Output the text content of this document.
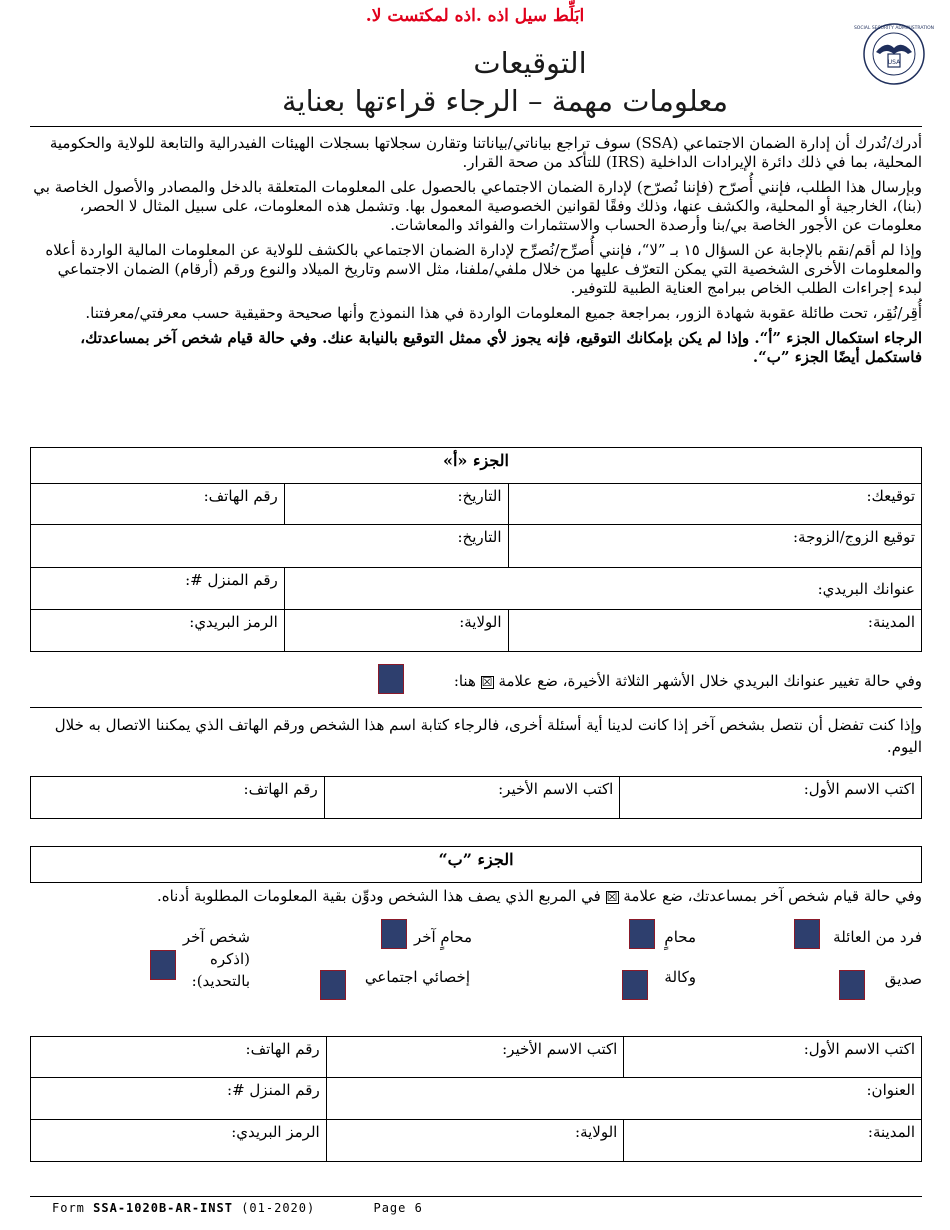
ابَلِّط سيل اذه .اذه لمكتست لا.
USA
SOCIAL SECURITY ADMINISTRATION
التوقيعات
معلومات مهمة – الرجاء قراءتها بعناية

أدرك/نُدرك أن إدارة الضمان الاجتماعي (SSA) سوف تراجع بياناتي/بياناتنا وتقارن سجلاتها بسجلات الهيئات الفيدرالية والتابعة للولاية والحكومية المحلية، بما في ذلك دائرة الإيرادات الداخلية (IRS) للتأكد من صحة القرار.

وبإرسال هذا الطلب، فإنني أُصرّح (فإننا نُصرّح) لإدارة الضمان الاجتماعي بالحصول على المعلومات المتعلقة بالدخل والمصادر والأصول الخاصة بي (بنا)، الخارجية أو المحلية، والكشف عنها، وذلك وفقًا لقوانين الخصوصية المعمول بها. وتشمل هذه المعلومات، على سبيل المثال لا الحصر، معلومات عن الأجور الخاصة بي/بنا وأرصدة الحساب والاستثمارات والفوائد والمعاشات.

وإذا لم أقم/نقم بالإجابة عن السؤال ١٥ بـ ”لا“، فإنني أُصرِّح/نُصرِّح لإدارة الضمان الاجتماعي بالكشف للولاية عن المعلومات المالية الواردة أعلاه والمعلومات الأخرى الشخصية التي يمكن التعرّف عليها من خلال ملفي/ملفنا، مثل الاسم وتاريخ الميلاد والنوع ورقم (أرقام) الضمان الاجتماعي لبدء إجراءات الطلب الخاص ببرامج العناية الطبية للتوفير.

أُقِر/نُقِر، تحت طائلة عقوبة شهادة الزور، بمراجعة جميع المعلومات الواردة في هذا النموذج وأنها صحيحة وحقيقية حسب معرفتي/معرفتنا.

الرجاء استكمال الجزء ”أ“. وإذا لم يكن بإمكانك التوقيع، فإنه يجوز لأي ممثل التوقيع بالنيابة عنك. وفي حالة قيام شخص آخر بمساعدتك، فاستكمل أيضًا الجزء ”ب“.

الجزء «أ»		
توقيعك:	التاريخ:	رقم الهاتف:
توقيع الزوج/الزوجة:	التاريخ:	
عنوانك البريدي:		رقم المنزل #:
المدينة:	الولاية:	الرمز البريدي:
وفي حالة تغيير عنوانك البريدي خلال الأشهر الثلاثة الأخيرة، ضع علامة ☒ هنا:
وإذا كنت تفضل أن نتصل بشخص آخر إذا كانت لدينا أية أسئلة أخرى، فالرجاء كتابة اسم هذا الشخص ورقم الهاتف الذي يمكننا الاتصال به خلال اليوم.
اكتب الاسم الأول:	اكتب الاسم الأخير:	رقم الهاتف:
الجزء ”ب“
وفي حالة قيام شخص آخر بمساعدتك، ضع علامة ☒ في المربع الذي يصف هذا الشخص ودوِّن بقية المعلومات المطلوبة أدناه.
فرد من العائلة
محامٍ
محامٍ آخر
شخص آخر (اذكره بالتحديد):	صديق
وكالة
إخصائي اجتماعي
اكتب الاسم الأول:	اكتب الاسم الأخير:	رقم الهاتف:
العنوان:		رقم المنزل #:
المدينة:	الولاية:	الرمز البريدي:
Form SSA-1020B-AR-INST (01-2020)	Page 6
